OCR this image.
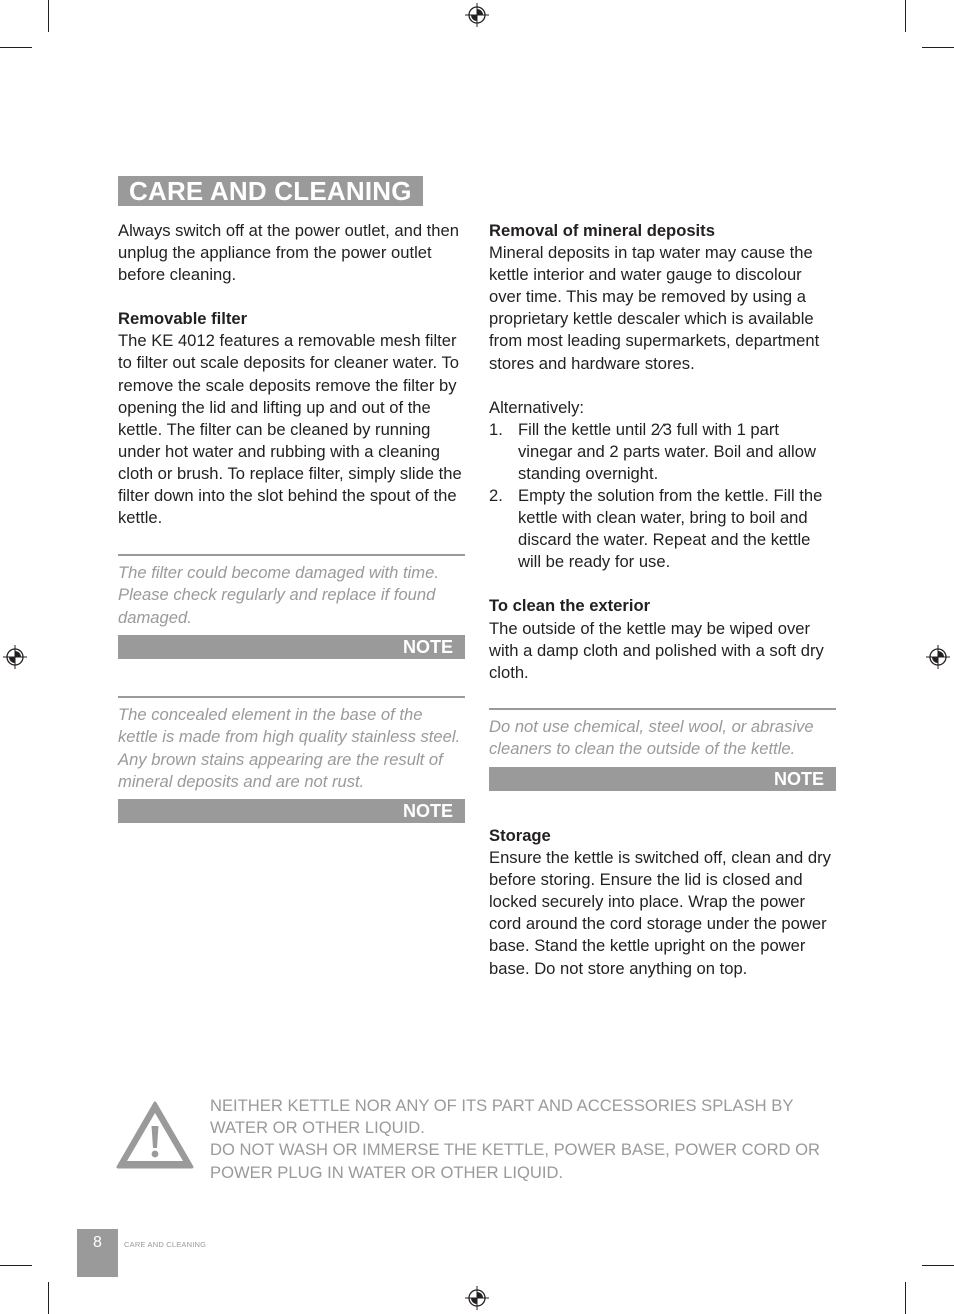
CARE AND CLEANING

Always switch off at the power outlet, and then unplug the appliance from the power outlet before cleaning.

Removable filter

The KE 4012 features a removable mesh filter to filter out scale deposits for cleaner water. To remove the scale deposits remove the filter by opening the lid and lifting up and out of the kettle. The filter can be cleaned by running under hot water and rubbing with a cleaning cloth or brush. To replace filter, simply slide the filter down into the slot behind the spout of the kettle.

The filter could become damaged with time. Please check regularly and replace if found damaged.
NOTE
The concealed element in the base of the kettle is made from high quality stainless steel. Any brown stains appearing are the result of mineral deposits and are not rust.
NOTE

Removal of mineral deposits

Mineral deposits in tap water may cause the kettle interior and water gauge to discolour over time. This may be removed by using a proprietary kettle descaler which is available from most leading supermarkets, department stores and hardware stores.

Alternatively:

1. Fill the kettle until 2⁄3 full with 1 part vinegar and 2 parts water. Boil and allow standing overnight.
2. Empty the solution from the kettle. Fill the kettle with clean water, bring to boil and discard the water. Repeat and the kettle will be ready for use.

To clean the exterior

The outside of the kettle may be wiped over with a damp cloth and polished with a soft dry cloth.

Do not use chemical, steel wool, or abrasive cleaners to clean the outside of the kettle.
NOTE

Storage

Ensure the kettle is switched off, clean and dry before storing. Ensure the lid is closed and locked securely into place. Wrap the power cord around the cord storage under the power base. Stand the kettle upright on the power base. Do not store anything on top.

NEITHER KETTLE NOR ANY OF ITS PART AND ACCESSORIES SPLASH BY WATER OR OTHER LIQUID.
DO NOT WASH OR IMMERSE THE KETTLE, POWER BASE, POWER CORD OR POWER PLUG IN WATER OR OTHER LIQUID.
8	CARE AND CLEANING
